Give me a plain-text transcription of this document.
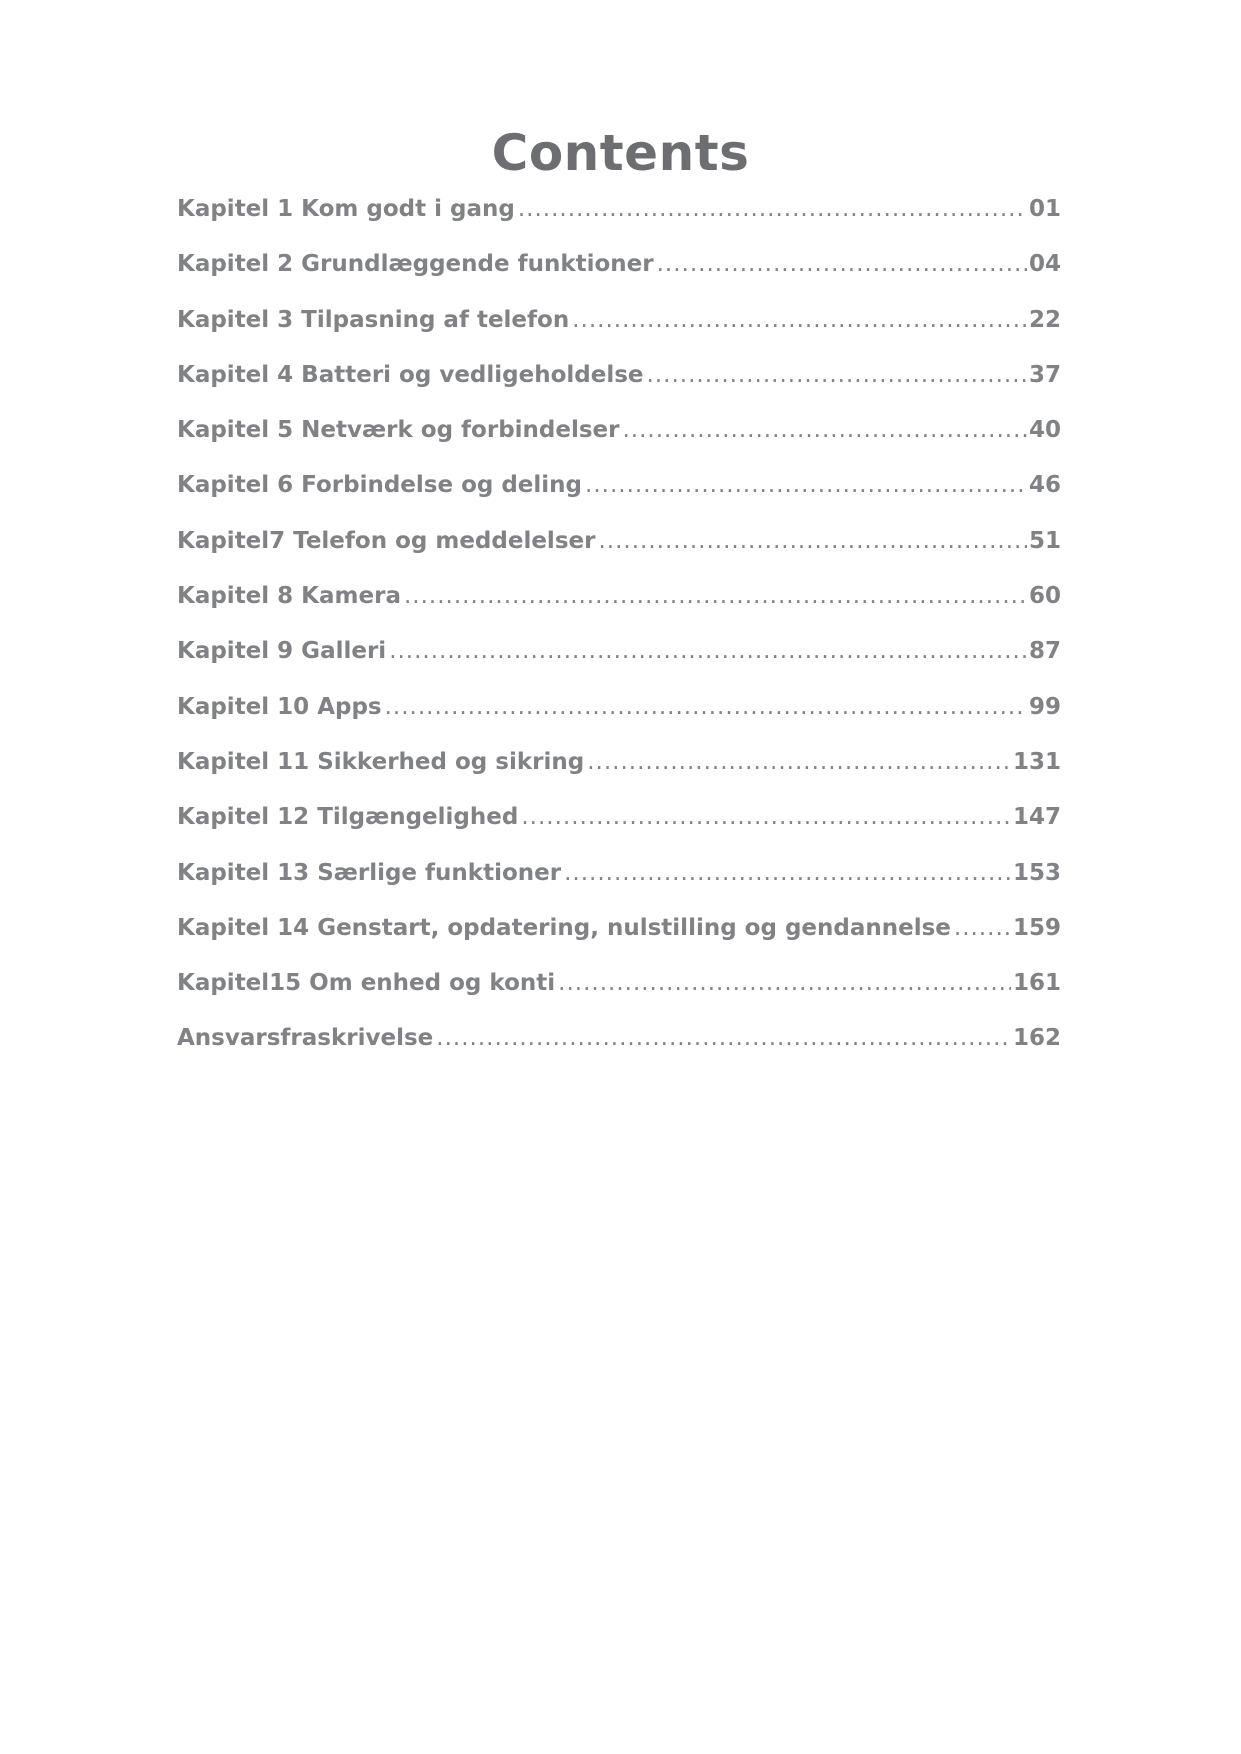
Contents
Kapitel 1 Kom godt i gang .....	01
Kapitel 2 Grundlæggende funktioner .....	04
Kapitel 3 Tilpasning af telefon .....	22
Kapitel 4 Batteri og vedligeholdelse .....	37
Kapitel 5 Netværk og forbindelser .....	40
Kapitel 6 Forbindelse og deling .....	46
Kapitel7 Telefon og meddelelser .....	51
Kapitel 8 Kamera .....	60
Kapitel 9 Galleri .....	87
Kapitel 10 Apps .....	99
Kapitel 11 Sikkerhed og sikring .....	131
Kapitel 12 Tilgængelighed .....	147
Kapitel 13 Særlige funktioner .....	153
Kapitel 14 Genstart, opdatering, nulstilling og gendannelse .....	159
Kapitel15 Om enhed og konti .....	161
Ansvarsfraskrivelse .....	162
